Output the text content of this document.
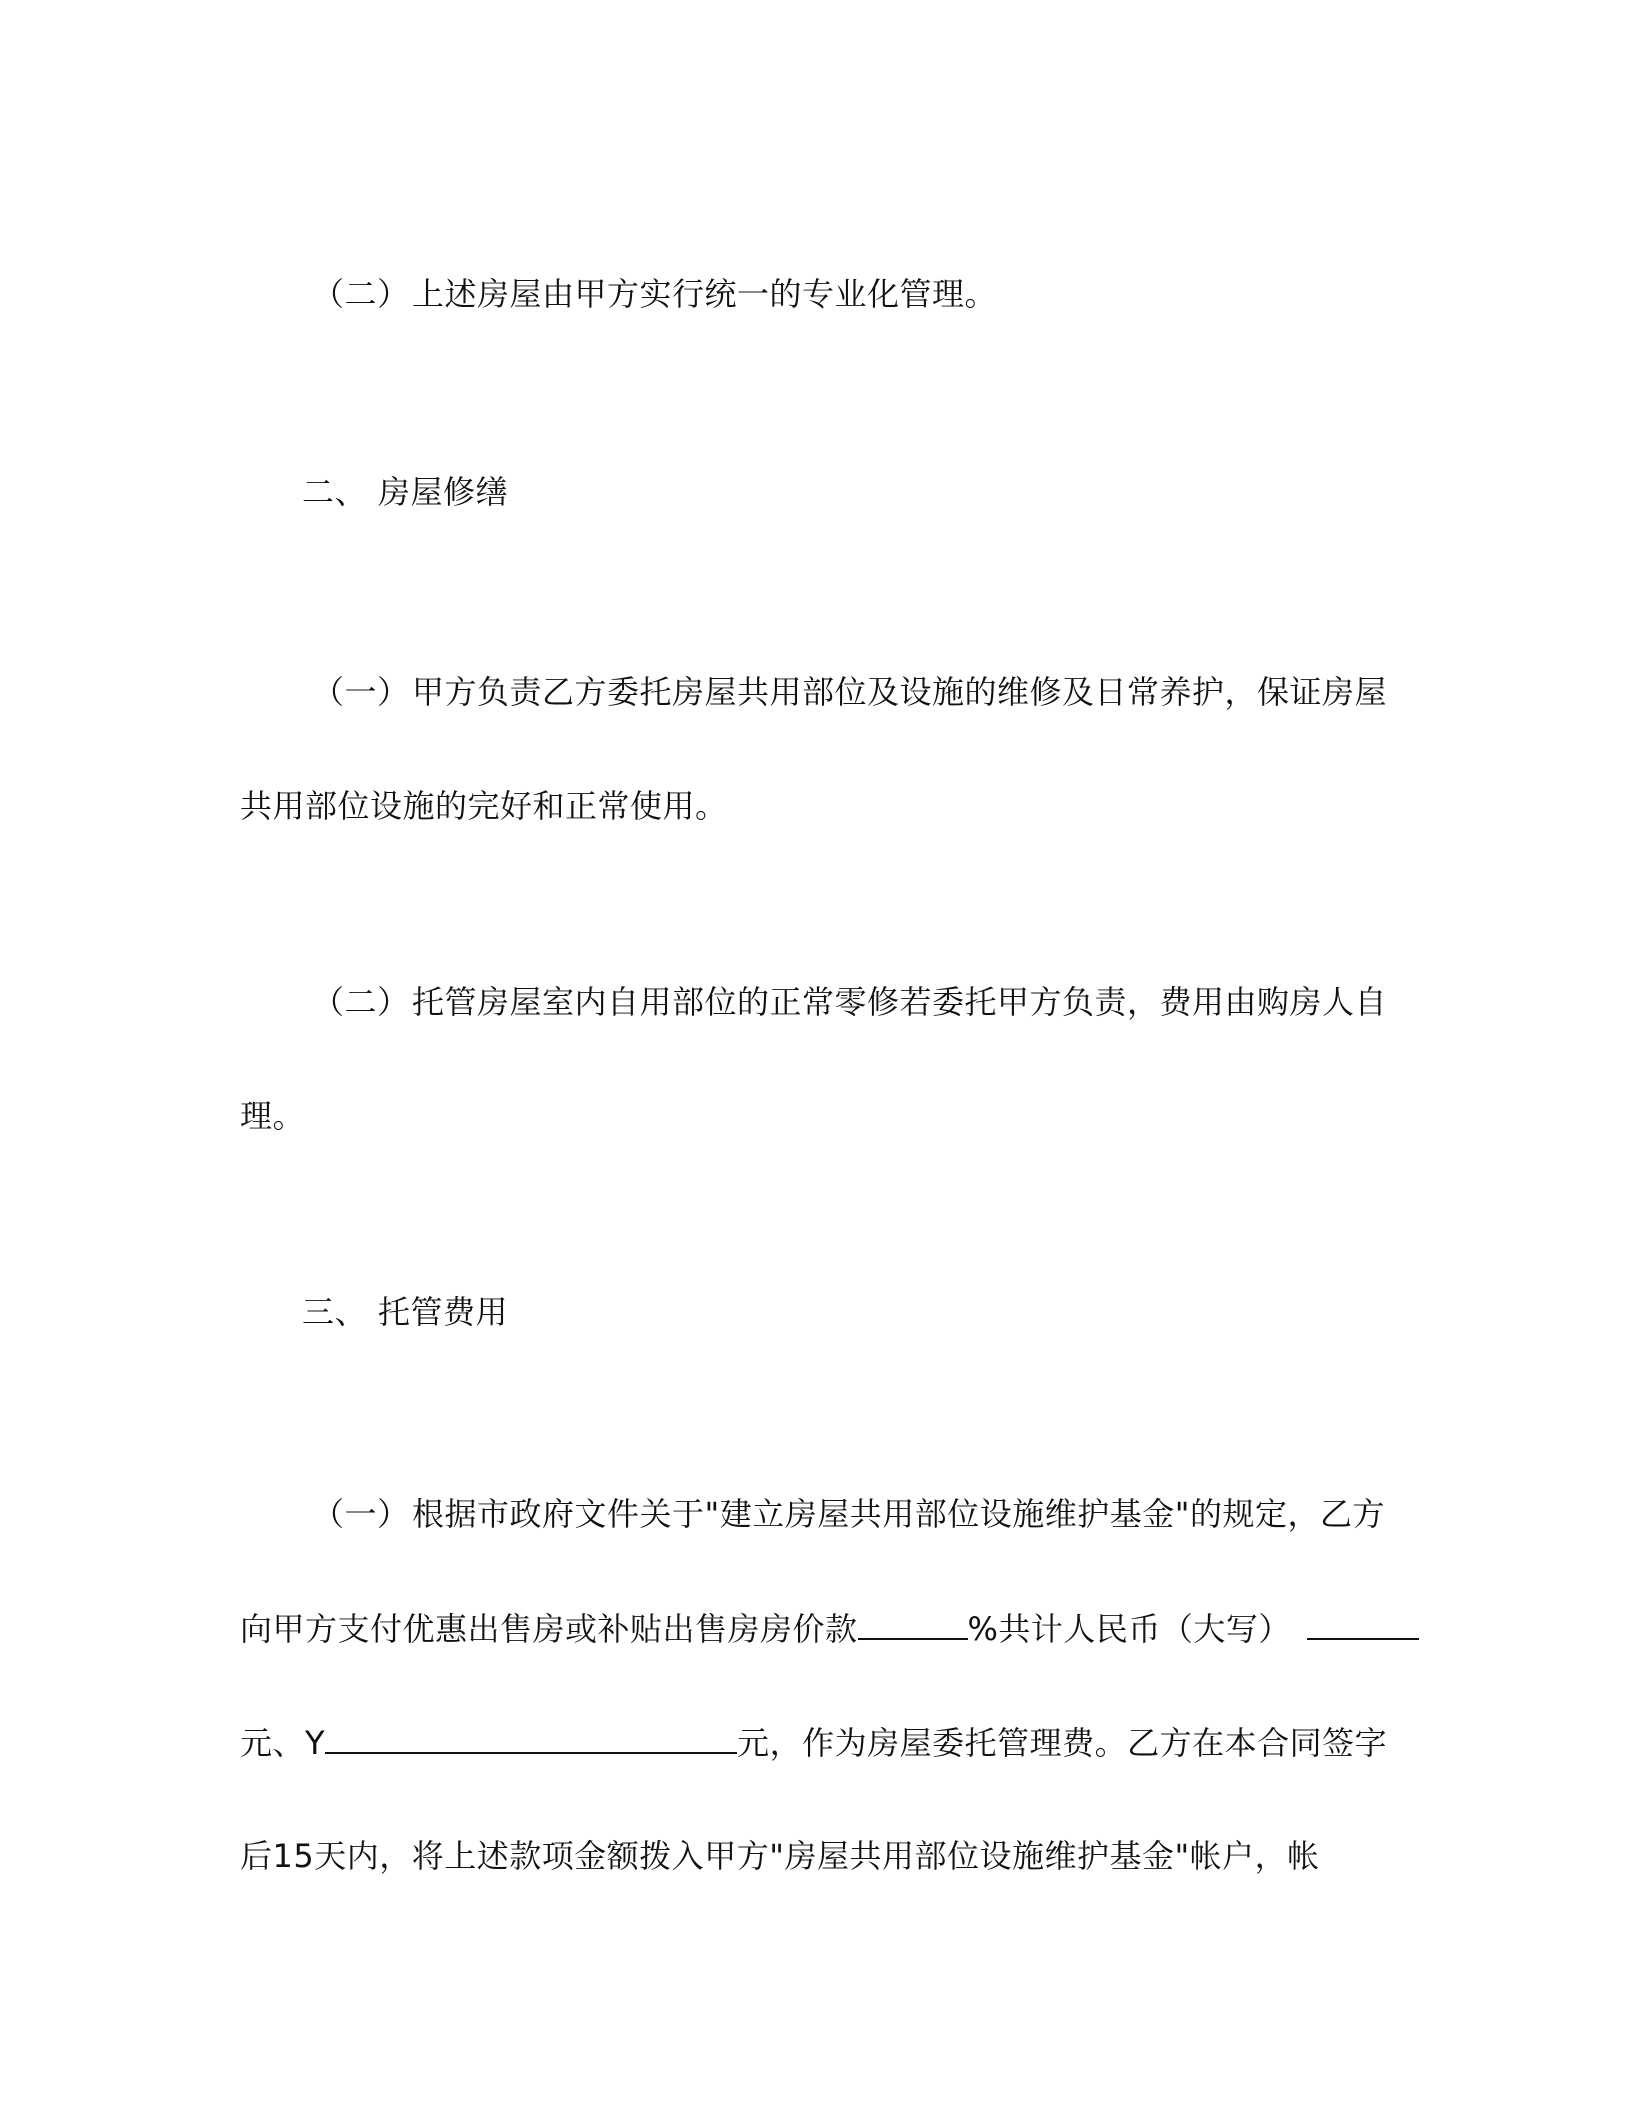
（二）上述房屋由甲方实行统一的专业化管理。
二、 房屋修缮
（一）甲方负责乙方委托房屋共用部位及设施的维修及日常养护，保证房屋
共用部位设施的完好和正常使用。
（二）托管房屋室内自用部位的正常零修若委托甲方负责，费用由购房人自
理。
三、 托管费用
（一）根据市政府文件关于"建立房屋共用部位设施维护基金"的规定，乙方
向甲方支付优惠出售房或补贴出售房房价款	%共计人民币（大写）
元、Y	元，作为房屋委托管理费。乙方在本合同签字
后15天内，将上述款项金额拨入甲方"房屋共用部位设施维护基金"帐户，帐
